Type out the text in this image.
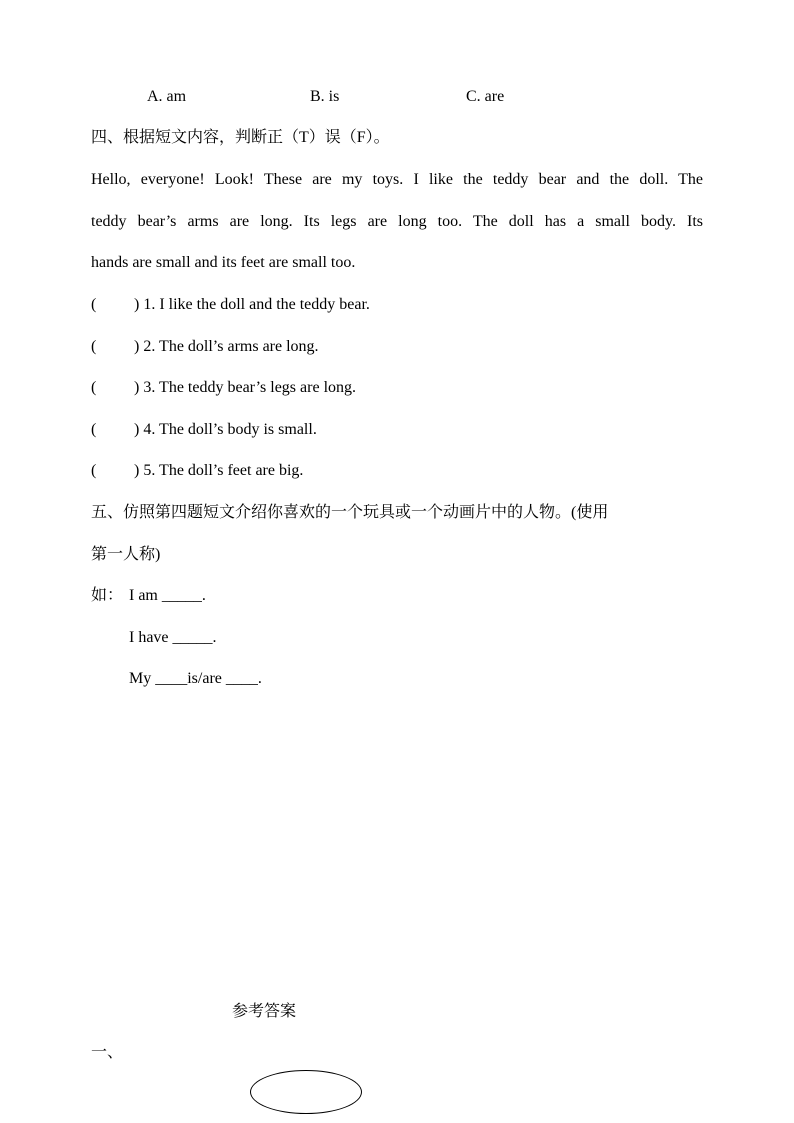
A. am	B. is	C. are
四、根据短文内容，判断正（T）误（F）。
Hello, everyone! Look! These are my toys. I like the teddy bear and the doll. The
teddy bear’s arms are long. Its legs are long too. The doll has a small body. Its
hands are small and its feet are small too.
( ) 1. I like the doll and the teddy bear.
( ) 2. The doll’s arms are long.
( ) 3. The teddy bear’s legs are long.
( ) 4. The doll’s body is small.
( ) 5. The doll’s feet are big.
五、仿照第四题短文介绍你喜欢的一个玩具或一个动画片中的人物。(使用
第一人称)
如： I am _____.
I have _____.
My ____is/are ____.
参考答案
一、
